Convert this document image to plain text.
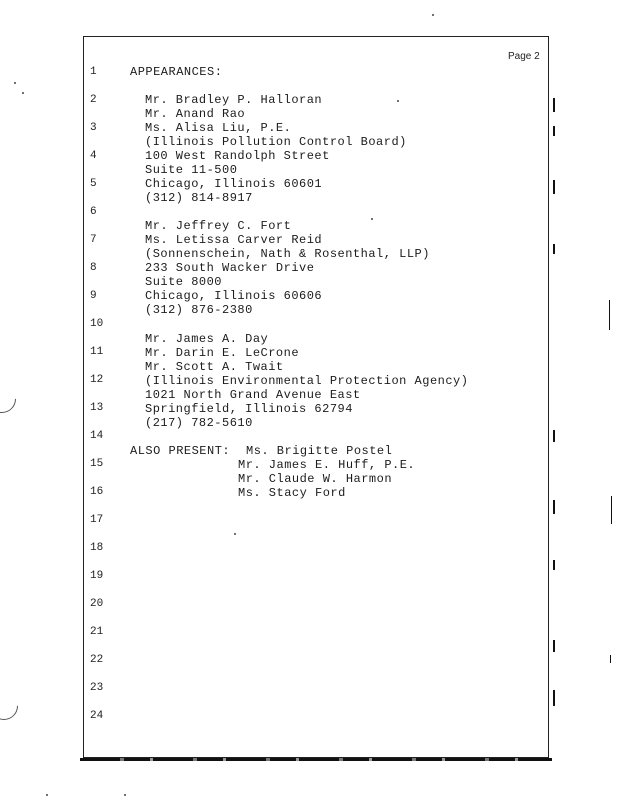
Page 2
1
2
3
4
5
6
7
8
9
10
11
12
13
14
15
16
17
18
19
20
21
22
23
24
APPEARANCES:
Mr. Bradley P. Halloran
Mr. Anand Rao
Ms. Alisa Liu, P.E.
(Illinois Pollution Control Board)
100 West Randolph Street
Suite 11-500
Chicago, Illinois 60601
(312) 814-8917
Mr. Jeffrey C. Fort
Ms. Letissa Carver Reid
(Sonnenschein, Nath & Rosenthal, LLP)
233 South Wacker Drive
Suite 8000
Chicago, Illinois 60606
(312) 876-2380
Mr. James A. Day
Mr. Darin E. LeCrone
Mr. Scott A. Twait
(Illinois Environmental Protection Agency)
1021 North Grand Avenue East
Springfield, Illinois 62794
(217) 782-5610
ALSO PRESENT: Ms. Brigitte Postel
Mr. James E. Huff, P.E.
Mr. Claude W. Harmon
Ms. Stacy Ford
